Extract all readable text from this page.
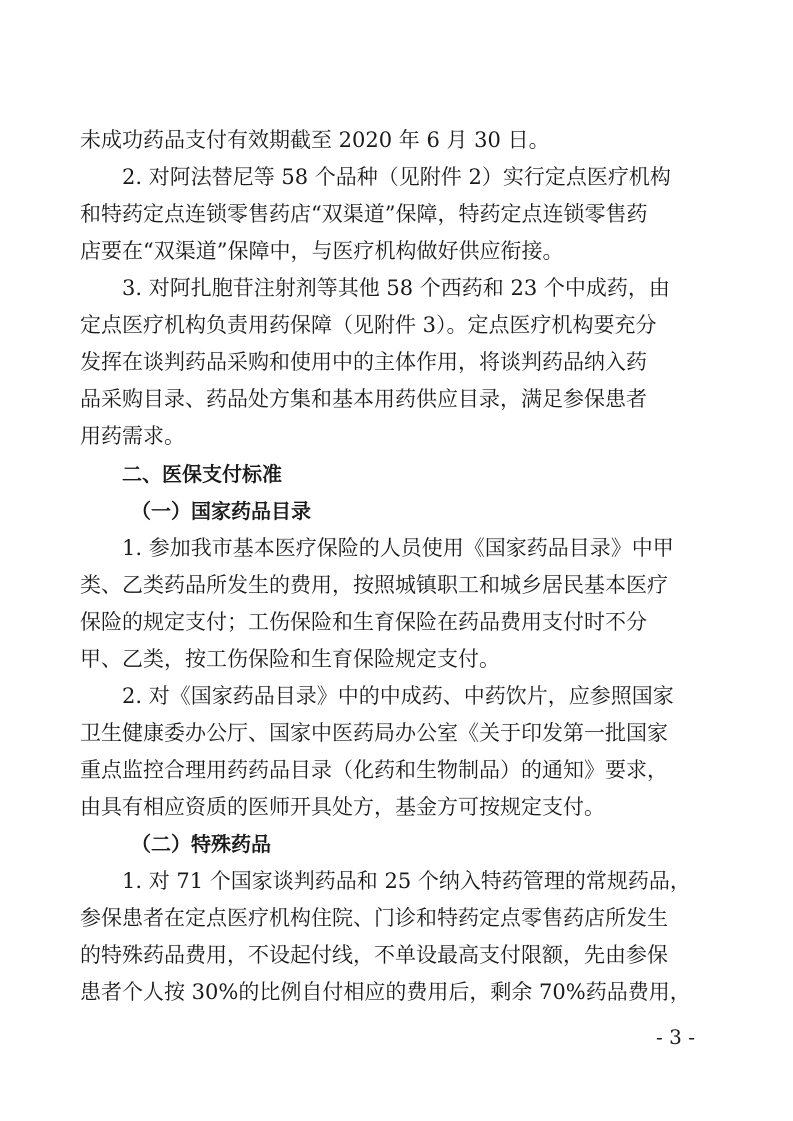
未成功药品支付有效期截至 2020 年 6 月 30 日。
2. 对阿法替尼等 58 个品种（见附件 2）实行定点医疗机构
和特药定点连锁零售药店“双渠道”保障，特药定点连锁零售药
店要在“双渠道”保障中，与医疗机构做好供应衔接。
3. 对阿扎胞苷注射剂等其他 58 个西药和 23 个中成药，由
定点医疗机构负责用药保障（见附件 3）。定点医疗机构要充分
发挥在谈判药品采购和使用中的主体作用，将谈判药品纳入药
品采购目录、药品处方集和基本用药供应目录，满足参保患者
用药需求。
二、医保支付标准
（一）国家药品目录
1. 参加我市基本医疗保险的人员使用《国家药品目录》中甲
类、乙类药品所发生的费用，按照城镇职工和城乡居民基本医疗
保险的规定支付；工伤保险和生育保险在药品费用支付时不分
甲、乙类，按工伤保险和生育保险规定支付。
2. 对《国家药品目录》中的中成药、中药饮片，应参照国家
卫生健康委办公厅、国家中医药局办公室《关于印发第一批国家
重点监控合理用药药品目录（化药和生物制品）的通知》要求，
由具有相应资质的医师开具处方，基金方可按规定支付。
（二）特殊药品
1. 对 71 个国家谈判药品和 25 个纳入特药管理的常规药品，
参保患者在定点医疗机构住院、门诊和特药定点零售药店所发生
的特殊药品费用，不设起付线，不单设最高支付限额，先由参保
患者个人按 30%的比例自付相应的费用后，剩余 70%药品费用，
- 3 -
